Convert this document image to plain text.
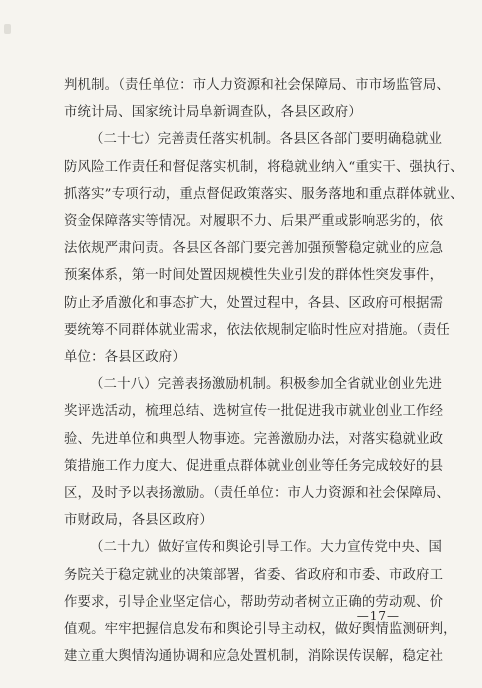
判机制。（责任单位：市人力资源和社会保障局、市市场监管局、
市统计局、国家统计局阜新调查队，各县区政府）
（二十七）完善责任落实机制。各县区各部门要明确稳就业
防风险工作责任和督促落实机制，将稳就业纳入“重实干、强执行、
抓落实”专项行动，重点督促政策落实、服务落地和重点群体就业、
资金保障落实等情况。对履职不力、后果严重或影响恶劣的，依
法依规严肃问责。各县区各部门要完善加强预警稳定就业的应急
预案体系，第一时间处置因规模性失业引发的群体性突发事件，
防止矛盾激化和事态扩大，处置过程中，各县、区政府可根据需
要统筹不同群体就业需求，依法依规制定临时性应对措施。（责任
单位：各县区政府）
（二十八）完善表扬激励机制。积极参加全省就业创业先进
奖评选活动，梳理总结、选树宣传一批促进我市就业创业工作经
验、先进单位和典型人物事迹。完善激励办法，对落实稳就业政
策措施工作力度大、促进重点群体就业创业等任务完成较好的县
区，及时予以表扬激励。（责任单位：市人力资源和社会保障局、
市财政局，各县区政府）
（二十九）做好宣传和舆论引导工作。大力宣传党中央、国
务院关于稳定就业的决策部署，省委、省政府和市委、市政府工
作要求，引导企业坚定信心，帮助劳动者树立正确的劳动观、价
值观。牢牢把握信息发布和舆论引导主动权，做好舆情监测研判，
建立重大舆情沟通协调和应急处置机制，消除误传误解，稳定社
—17—
